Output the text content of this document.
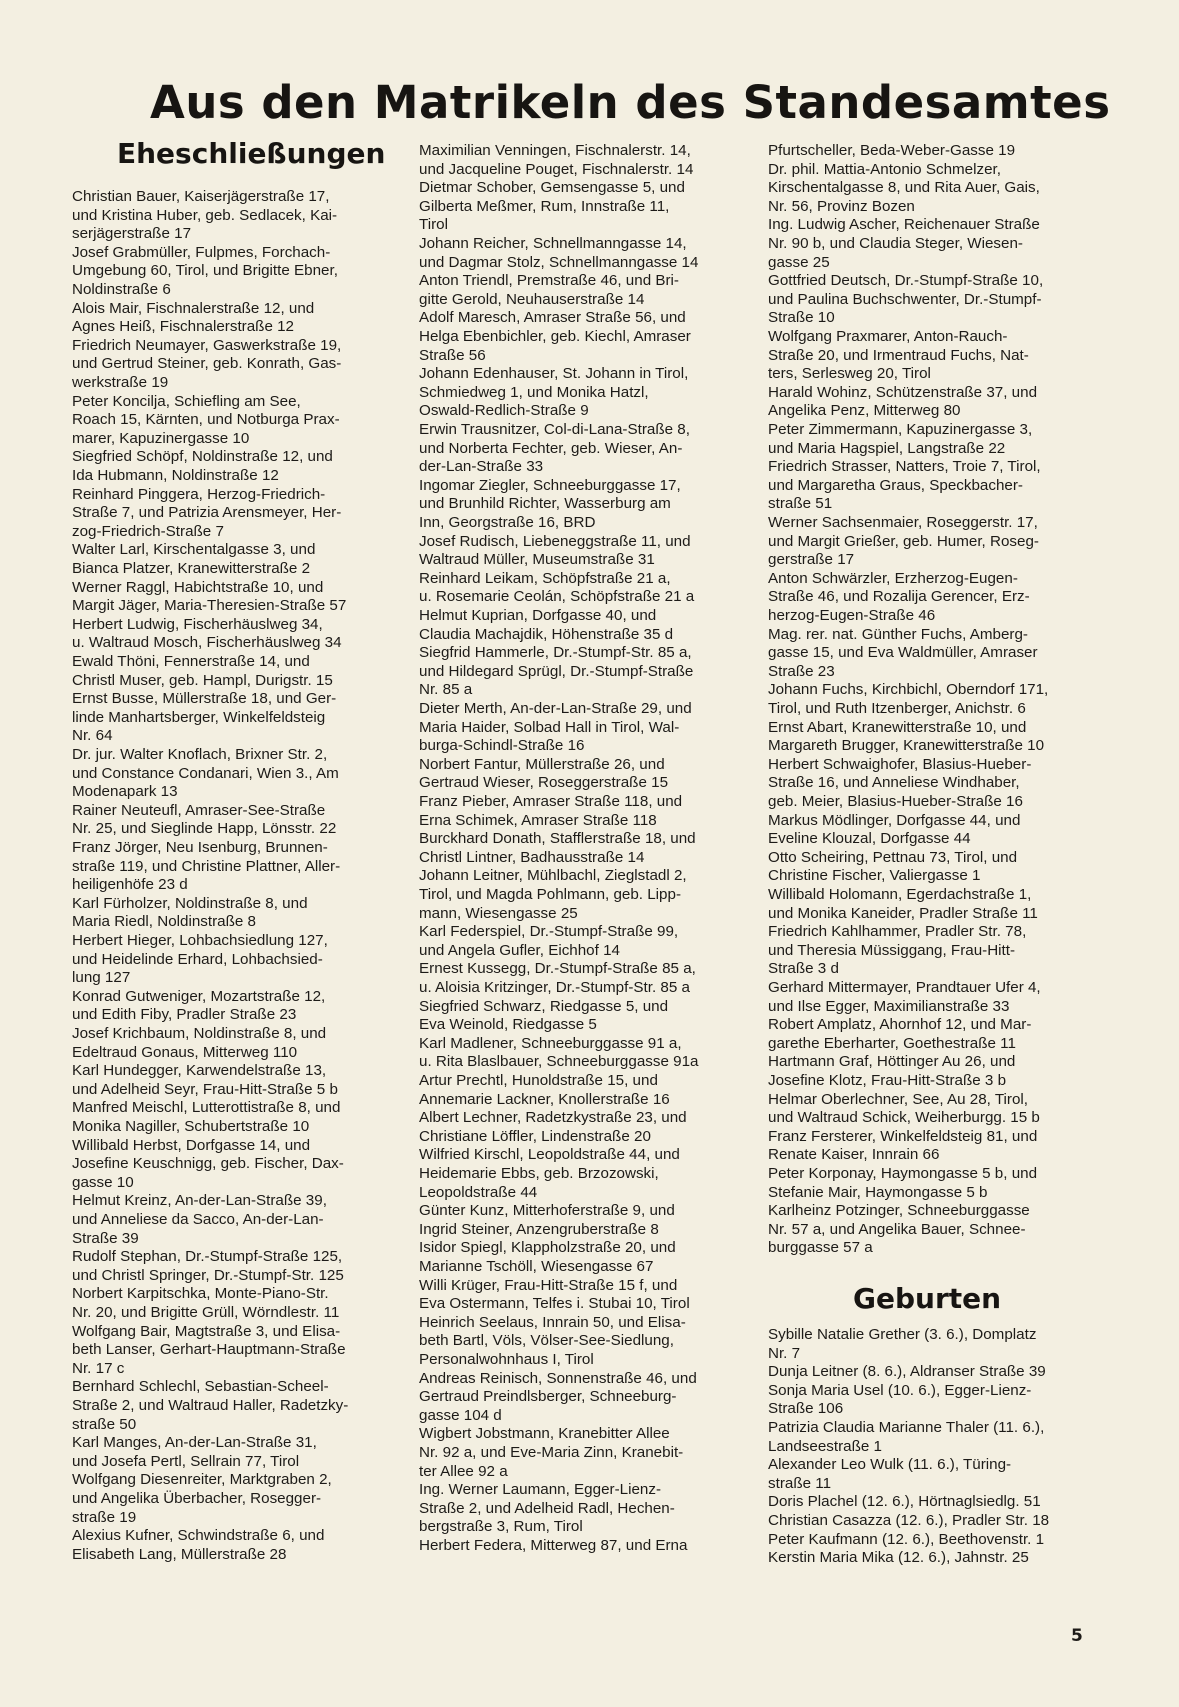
Aus den Matrikeln des Standesamtes
Eheschließungen
Christian Bauer, Kaiserjägerstraße 17,
und Kristina Huber, geb. Sedlacek, Kai-
serjägerstraße 17
Josef Grabmüller, Fulpmes, Forchach-
Umgebung 60, Tirol, und Brigitte Ebner,
Noldinstraße 6
Alois Mair, Fischnalerstraße 12, und
Agnes Heiß, Fischnalerstraße 12
Friedrich Neumayer, Gaswerkstraße 19,
und Gertrud Steiner, geb. Konrath, Gas-
werkstraße 19
Peter Koncilja, Schiefling am See,
Roach 15, Kärnten, und Notburga Prax-
marer, Kapuzinergasse 10
Siegfried Schöpf, Noldinstraße 12, und
Ida Hubmann, Noldinstraße 12
Reinhard Pinggera, Herzog-Friedrich-
Straße 7, und Patrizia Arensmeyer, Her-
zog-Friedrich-Straße 7
Walter Larl, Kirschentalgasse 3, und
Bianca Platzer, Kranewitterstraße 2
Werner Raggl, Habichtstraße 10, und
Margit Jäger, Maria-Theresien-Straße 57
Herbert Ludwig, Fischerhäuslweg 34,
u. Waltraud Mosch, Fischerhäuslweg 34
Ewald Thöni, Fennerstraße 14, und
Christl Muser, geb. Hampl, Durigstr. 15
Ernst Busse, Müllerstraße 18, und Ger-
linde Manhartsberger, Winkelfeldsteig
Nr. 64
Dr. jur. Walter Knoflach, Brixner Str. 2,
und Constance Condanari, Wien 3., Am
Modenapark 13
Rainer Neuteufl, Amraser-See-Straße
Nr. 25, und Sieglinde Happ, Lönsstr. 22
Franz Jörger, Neu Isenburg, Brunnen-
straße 119, und Christine Plattner, Aller-
heiligenhöfe 23 d
Karl Fürholzer, Noldinstraße 8, und
Maria Riedl, Noldinstraße 8
Herbert Hieger, Lohbachsiedlung 127,
und Heidelinde Erhard, Lohbachsied-
lung 127
Konrad Gutweniger, Mozartstraße 12,
und Edith Fiby, Pradler Straße 23
Josef Krichbaum, Noldinstraße 8, und
Edeltraud Gonaus, Mitterweg 110
Karl Hundegger, Karwendelstraße 13,
und Adelheid Seyr, Frau-Hitt-Straße 5 b
Manfred Meischl, Lutterottistraße 8, und
Monika Nagiller, Schubertstraße 10
Willibald Herbst, Dorfgasse 14, und
Josefine Keuschnigg, geb. Fischer, Dax-
gasse 10
Helmut Kreinz, An-der-Lan-Straße 39,
und Anneliese da Sacco, An-der-Lan-
Straße 39
Rudolf Stephan, Dr.-Stumpf-Straße 125,
und Christl Springer, Dr.-Stumpf-Str. 125
Norbert Karpitschka, Monte-Piano-Str.
Nr. 20, und Brigitte Grüll, Wörndlestr. 11
Wolfgang Bair, Magtstraße 3, und Elisa-
beth Lanser, Gerhart-Hauptmann-Straße
Nr. 17 c
Bernhard Schlechl, Sebastian-Scheel-
Straße 2, und Waltraud Haller, Radetzky-
straße 50
Karl Manges, An-der-Lan-Straße 31,
und Josefa Pertl, Sellrain 77, Tirol
Wolfgang Diesenreiter, Marktgraben 2,
und Angelika Überbacher, Rosegger-
straße 19
Alexius Kufner, Schwindstraße 6, und
Elisabeth Lang, Müllerstraße 28
Maximilian Venningen, Fischnalerstr. 14,
und Jacqueline Pouget, Fischnalerstr. 14
Dietmar Schober, Gemsengasse 5, und
Gilberta Meßmer, Rum, Innstraße 11,
Tirol
Johann Reicher, Schnellmanngasse 14,
und Dagmar Stolz, Schnellmanngasse 14
Anton Triendl, Premstraße 46, und Bri-
gitte Gerold, Neuhauserstraße 14
Adolf Maresch, Amraser Straße 56, und
Helga Ebenbichler, geb. Kiechl, Amraser
Straße 56
Johann Edenhauser, St. Johann in Tirol,
Schmiedweg 1, und Monika Hatzl,
Oswald-Redlich-Straße 9
Erwin Trausnitzer, Col-di-Lana-Straße 8,
und Norberta Fechter, geb. Wieser, An-
der-Lan-Straße 33
Ingomar Ziegler, Schneeburggasse 17,
und Brunhild Richter, Wasserburg am
Inn, Georgstraße 16, BRD
Josef Rudisch, Liebeneggstraße 11, und
Waltraud Müller, Museumstraße 31
Reinhard Leikam, Schöpfstraße 21 a,
u. Rosemarie Ceolán, Schöpfstraße 21 a
Helmut Kuprian, Dorfgasse 40, und
Claudia Machajdik, Höhenstraße 35 d
Siegfrid Hammerle, Dr.-Stumpf-Str. 85 a,
und Hildegard Sprügl, Dr.-Stumpf-Straße
Nr. 85 a
Dieter Merth, An-der-Lan-Straße 29, und
Maria Haider, Solbad Hall in Tirol, Wal-
burga-Schindl-Straße 16
Norbert Fantur, Müllerstraße 26, und
Gertraud Wieser, Roseggerstraße 15
Franz Pieber, Amraser Straße 118, und
Erna Schimek, Amraser Straße 118
Burckhard Donath, Stafflerstraße 18, und
Christl Lintner, Badhausstraße 14
Johann Leitner, Mühlbachl, Zieglstadl 2,
Tirol, und Magda Pohlmann, geb. Lipp-
mann, Wiesengasse 25
Karl Federspiel, Dr.-Stumpf-Straße 99,
und Angela Gufler, Eichhof 14
Ernest Kussegg, Dr.-Stumpf-Straße 85 a,
u. Aloisia Kritzinger, Dr.-Stumpf-Str. 85 a
Siegfried Schwarz, Riedgasse 5, und
Eva Weinold, Riedgasse 5
Karl Madlener, Schneeburggasse 91 a,
u. Rita Blaslbauer, Schneeburggasse 91a
Artur Prechtl, Hunoldstraße 15, und
Annemarie Lackner, Knollerstraße 16
Albert Lechner, Radetzkystraße 23, und
Christiane Löffler, Lindenstraße 20
Wilfried Kirschl, Leopoldstraße 44, und
Heidemarie Ebbs, geb. Brzozowski,
Leopoldstraße 44
Günter Kunz, Mitterhoferstraße 9, und
Ingrid Steiner, Anzengruberstraße 8
Isidor Spiegl, Klappholzstraße 20, und
Marianne Tschöll, Wiesengasse 67
Willi Krüger, Frau-Hitt-Straße 15 f, und
Eva Ostermann, Telfes i. Stubai 10, Tirol
Heinrich Seelaus, Innrain 50, und Elisa-
beth Bartl, Völs, Völser-See-Siedlung,
Personalwohnhaus I, Tirol
Andreas Reinisch, Sonnenstraße 46, und
Gertraud Preindlsberger, Schneeburg-
gasse 104 d
Wigbert Jobstmann, Kranebitter Allee
Nr. 92 a, und Eve-Maria Zinn, Kranebit-
ter Allee 92 a
Ing. Werner Laumann, Egger-Lienz-
Straße 2, und Adelheid Radl, Hechen-
bergstraße 3, Rum, Tirol
Herbert Federa, Mitterweg 87, und Erna
Pfurtscheller, Beda-Weber-Gasse 19
Dr. phil. Mattia-Antonio Schmelzer,
Kirschentalgasse 8, und Rita Auer, Gais,
Nr. 56, Provinz Bozen
Ing. Ludwig Ascher, Reichenauer Straße
Nr. 90 b, und Claudia Steger, Wiesen-
gasse 25
Gottfried Deutsch, Dr.-Stumpf-Straße 10,
und Paulina Buchschwenter, Dr.-Stumpf-
Straße 10
Wolfgang Praxmarer, Anton-Rauch-
Straße 20, und Irmentraud Fuchs, Nat-
ters, Serlesweg 20, Tirol
Harald Wohinz, Schützenstraße 37, und
Angelika Penz, Mitterweg 80
Peter Zimmermann, Kapuzinergasse 3,
und Maria Hagspiel, Langstraße 22
Friedrich Strasser, Natters, Troie 7, Tirol,
und Margaretha Graus, Speckbacher-
straße 51
Werner Sachsenmaier, Roseggerstr. 17,
und Margit Grießer, geb. Humer, Roseg-
gerstraße 17
Anton Schwärzler, Erzherzog-Eugen-
Straße 46, und Rozalija Gerencer, Erz-
herzog-Eugen-Straße 46
Mag. rer. nat. Günther Fuchs, Amberg-
gasse 15, und Eva Waldmüller, Amraser
Straße 23
Johann Fuchs, Kirchbichl, Oberndorf 171,
Tirol, und Ruth Itzenberger, Anichstr. 6
Ernst Abart, Kranewitterstraße 10, und
Margareth Brugger, Kranewitterstraße 10
Herbert Schwaighofer, Blasius-Hueber-
Straße 16, und Anneliese Windhaber,
geb. Meier, Blasius-Hueber-Straße 16
Markus Mödlinger, Dorfgasse 44, und
Eveline Klouzal, Dorfgasse 44
Otto Scheiring, Pettnau 73, Tirol, und
Christine Fischer, Valiergasse 1
Willibald Holomann, Egerdachstraße 1,
und Monika Kaneider, Pradler Straße 11
Friedrich Kahlhammer, Pradler Str. 78,
und Theresia Müssiggang, Frau-Hitt-
Straße 3 d
Gerhard Mittermayer, Prandtauer Ufer 4,
und Ilse Egger, Maximilianstraße 33
Robert Amplatz, Ahornhof 12, und Mar-
garethe Eberharter, Goethestraße 11
Hartmann Graf, Höttinger Au 26, und
Josefine Klotz, Frau-Hitt-Straße 3 b
Helmar Oberlechner, See, Au 28, Tirol,
und Waltraud Schick, Weiherburgg. 15 b
Franz Fersterer, Winkelfeldsteig 81, und
Renate Kaiser, Innrain 66
Peter Korponay, Haymongasse 5 b, und
Stefanie Mair, Haymongasse 5 b
Karlheinz Potzinger, Schneeburggasse
Nr. 57 a, und Angelika Bauer, Schnee-
burggasse 57 a
Geburten
Sybille Natalie Grether (3. 6.), Domplatz
Nr. 7
Dunja Leitner (8. 6.), Aldranser Straße 39
Sonja Maria Usel (10. 6.), Egger-Lienz-
Straße 106
Patrizia Claudia Marianne Thaler (11. 6.),
Landseestraße 1
Alexander Leo Wulk (11. 6.), Türing-
straße 11
Doris Plachel (12. 6.), Hörtnaglsiedlg. 51
Christian Casazza (12. 6.), Pradler Str. 18
Peter Kaufmann (12. 6.), Beethovenstr. 1
Kerstin Maria Mika (12. 6.), Jahnstr. 25
5
